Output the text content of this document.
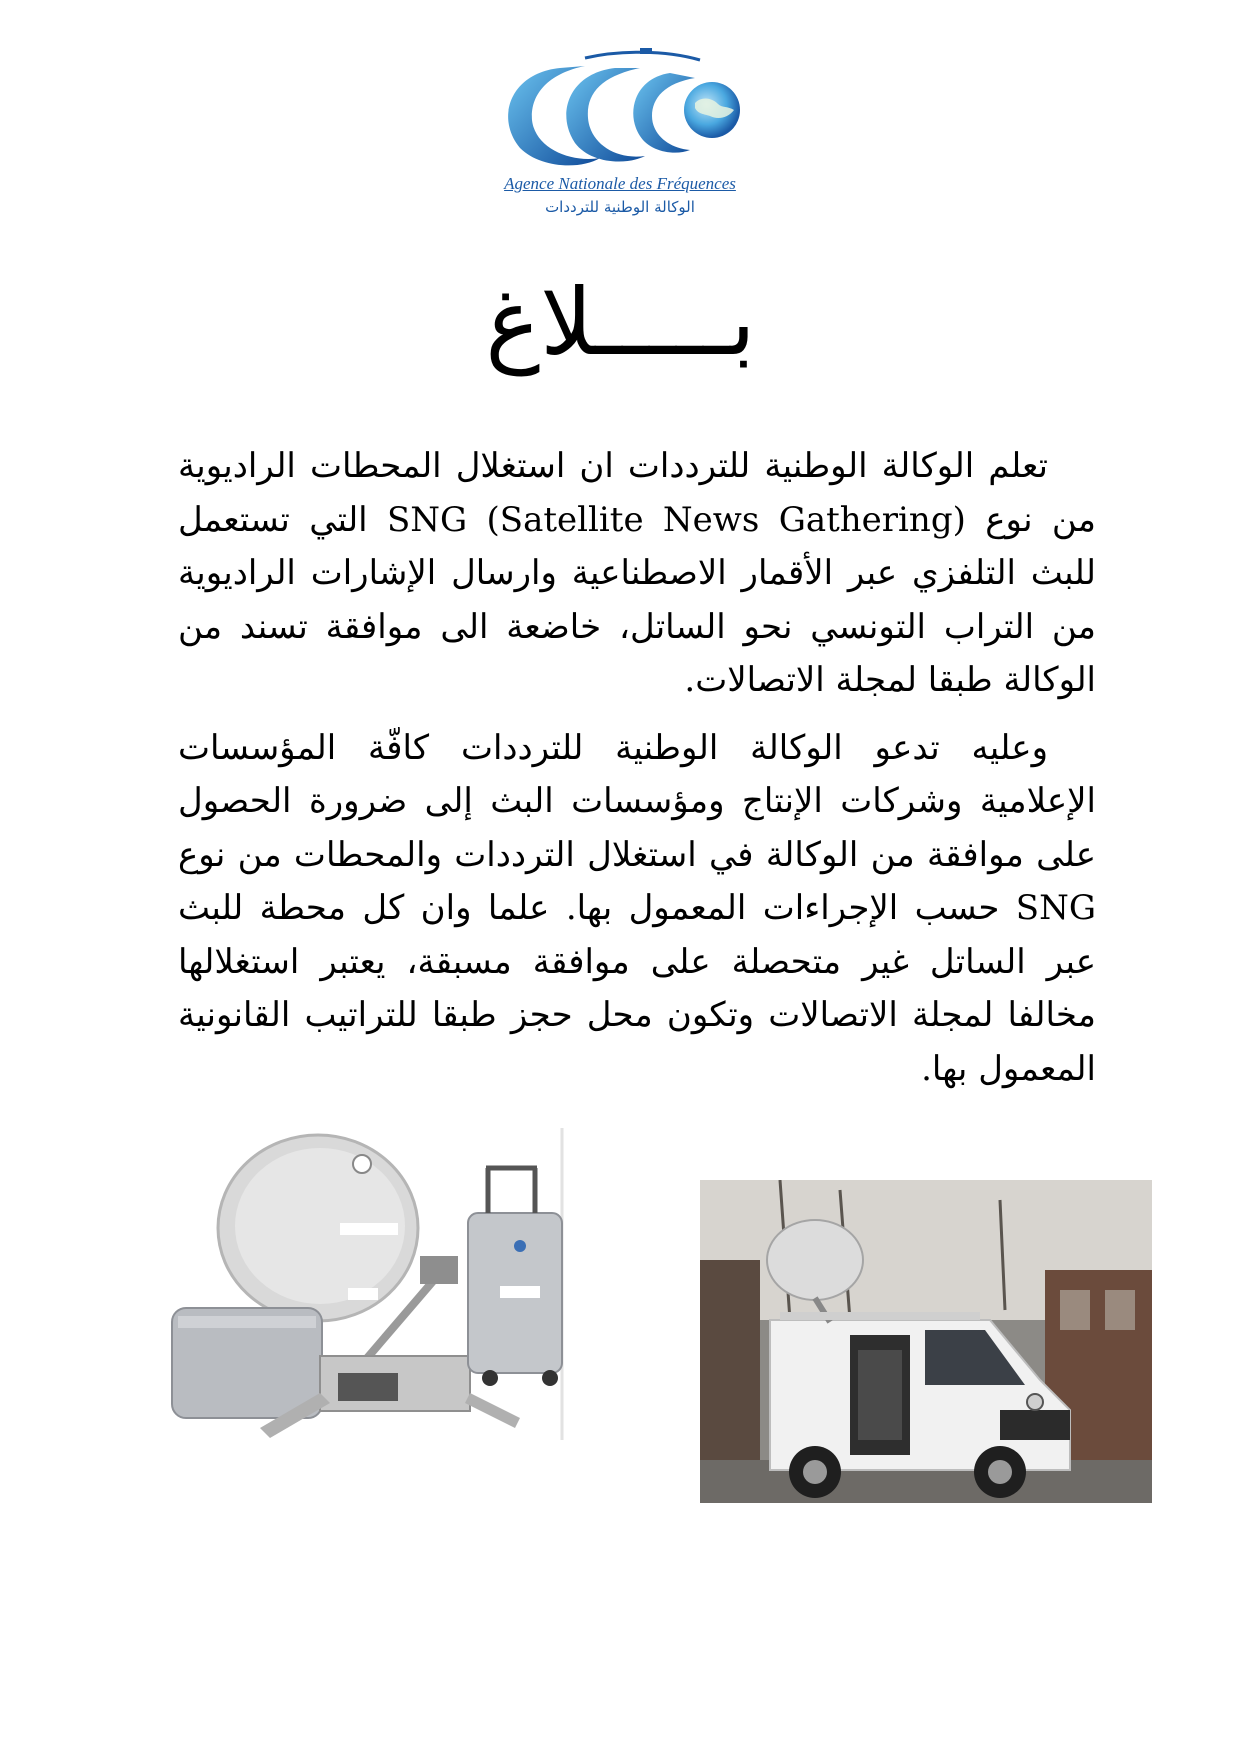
Agence Nationale des Fréquences
الوكالة الوطنية للترددات
بـــــلاغ

تعلم الوكالة الوطنية للترددات ان استغلال المحطات الراديوية من نوع SNG (Satellite News Gathering) التي تستعمل للبث التلفزي عبر الأقمار الاصطناعية وارسال الإشارات الراديوية من التراب التونسي نحو الساتل، خاضعة الى موافقة تسند من الوكالة طبقا لمجلة الاتصالات.

وعليه تدعو الوكالة الوطنية للترددات كافّة المؤسسات الإعلامية وشركات الإنتاج ومؤسسات البث إلى ضرورة الحصول على موافقة من الوكالة في استغلال الترددات والمحطات من نوع SNG حسب الإجراءات المعمول بها. علما وان كل محطة للبث عبر الساتل غير متحصلة على موافقة مسبقة، يعتبر استغلالها مخالفا لمجلة الاتصالات وتكون محل حجز طبقا للتراتيب القانونية المعمول بها.
